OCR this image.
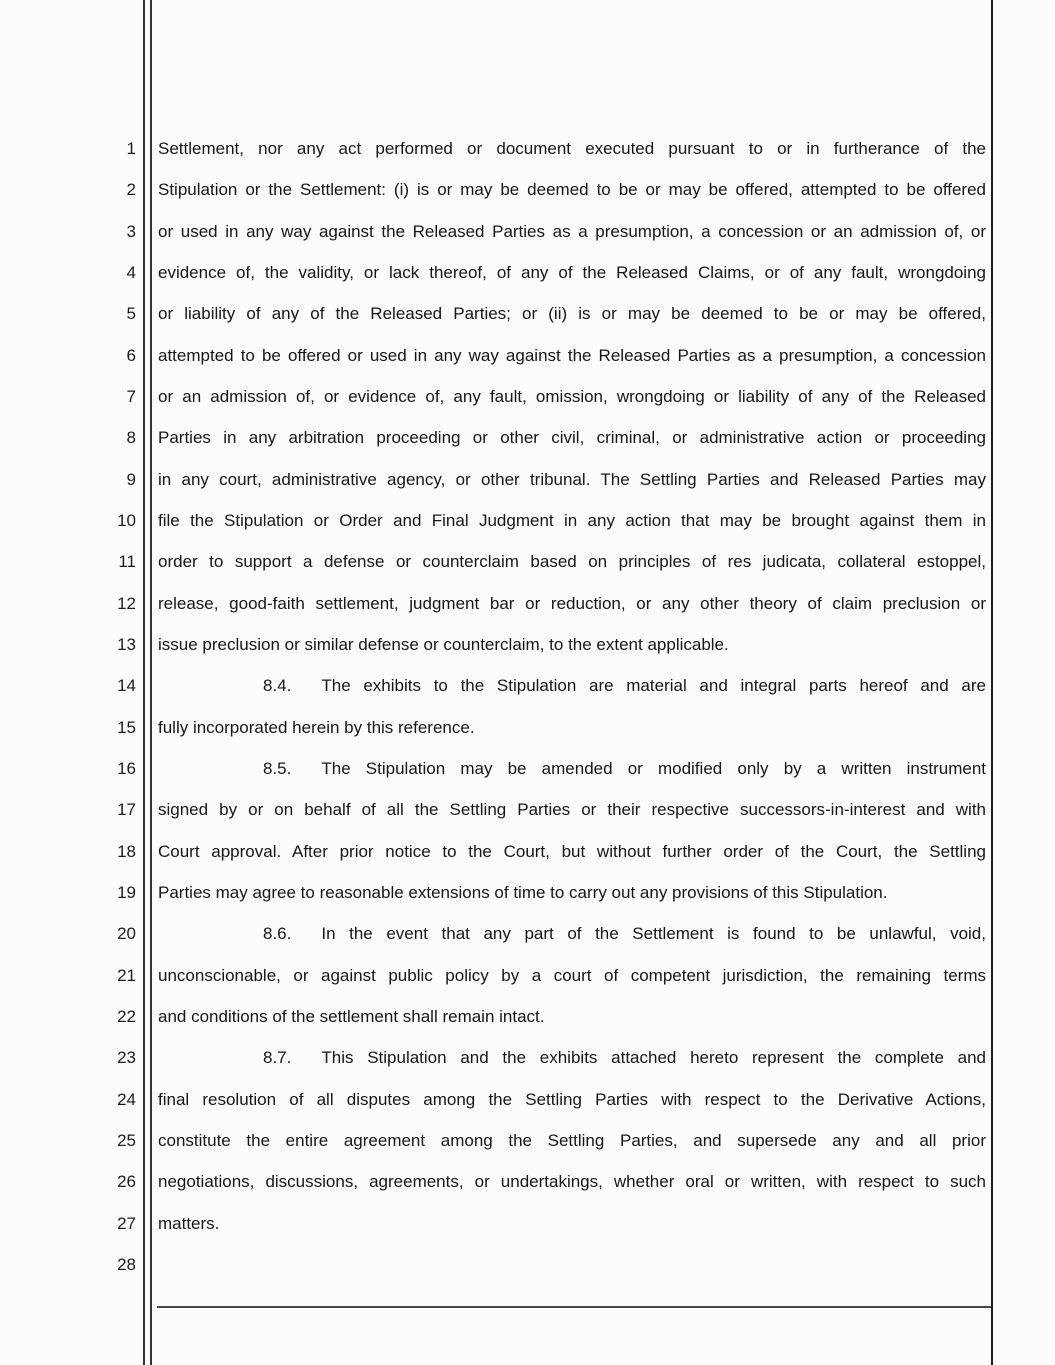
1 Settlement, nor any act performed or document executed pursuant to or in furtherance of the
2 Stipulation or the Settlement: (i) is or may be deemed to be or may be offered, attempted to be offered
3 or used in any way against the Released Parties as a presumption, a concession or an admission of, or
4 evidence of, the validity, or lack thereof, of any of the Released Claims, or of any fault, wrongdoing
5 or liability of any of the Released Parties; or (ii) is or may be deemed to be or may be offered,
6 attempted to be offered or used in any way against the Released Parties as a presumption, a concession
7 or an admission of, or evidence of, any fault, omission, wrongdoing or liability of any of the Released
8 Parties in any arbitration proceeding or other civil, criminal, or administrative action or proceeding
9 in any court, administrative agency, or other tribunal. The Settling Parties and Released Parties may
10 file the Stipulation or Order and Final Judgment in any action that may be brought against them in
11 order to support a defense or counterclaim based on principles of res judicata, collateral estoppel,
12 release, good-faith settlement, judgment bar or reduction, or any other theory of claim preclusion or
13 issue preclusion or similar defense or counterclaim, to the extent applicable.
14	8.4. The exhibits to the Stipulation are material and integral parts hereof and are
15 fully incorporated herein by this reference.
16	8.5. The Stipulation may be amended or modified only by a written instrument
17 signed by or on behalf of all the Settling Parties or their respective successors-in-interest and with
18 Court approval. After prior notice to the Court, but without further order of the Court, the Settling
19 Parties may agree to reasonable extensions of time to carry out any provisions of this Stipulation.
20	8.6. In the event that any part of the Settlement is found to be unlawful, void,
21 unconscionable, or against public policy by a court of competent jurisdiction, the remaining terms
22 and conditions of the settlement shall remain intact.
23	8.7. This Stipulation and the exhibits attached hereto represent the complete and
24 final resolution of all disputes among the Settling Parties with respect to the Derivative Actions,
25 constitute the entire agreement among the Settling Parties, and supersede any and all prior
26 negotiations, discussions, agreements, or undertakings, whether oral or written, with respect to such
27 matters.
28
